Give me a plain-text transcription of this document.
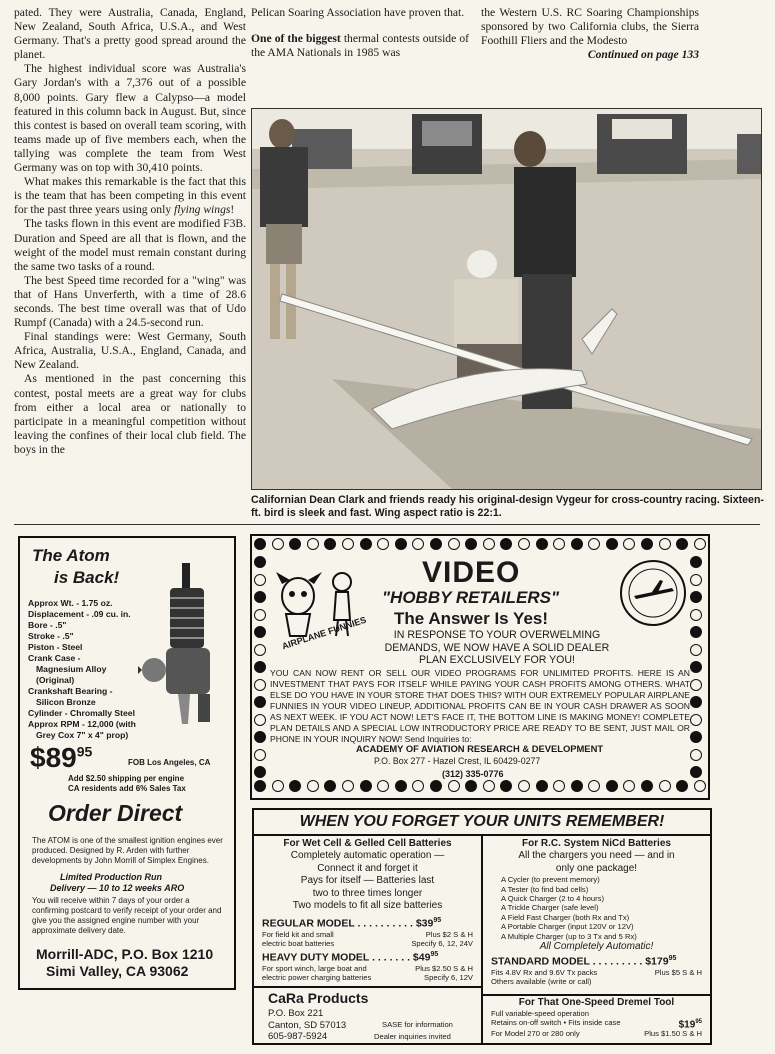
pated. They were Australia, Canada, England, New Zealand, South Africa, U.S.A., and West Germany. That's a pretty good spread around the planet.

The highest individual score was Australia's Gary Jordan's with a 7,376 out of a possible 8,000 points. Gary flew a Calypso—a model featured in this column back in August. But, since this contest is based on overall team scoring, with teams made up of five members each, when the tallying was complete the team from West Germany was on top with 30,410 points.

What makes this remarkable is the fact that this is the team that has been competing in this event for the past three years using only flying wings!

The tasks flown in this event are modified F3B. Duration and Speed are all that is flown, and the weight of the model must remain constant during the same two tasks of a round.

The best Speed time recorded for a "wing" was that of Hans Unverferth, with a time of 28.6 seconds. The best time overall was that of Udo Rumpf (Canada) with a 24.5-second run.

Final standings were: West Germany, South Africa, Australia, U.S.A., England, Canada, and New Zealand.

As mentioned in the past concerning this contest, postal meets are a great way for clubs from either a local area or nationally to participate in a meaningful competition without leaving the confines of their local club field. The boys in the

Pelican Soaring Association have proven that.

One of the biggest thermal contests outside of the AMA Nationals in 1985 was

the Western U.S. RC Soaring Championships sponsored by two California clubs, the Sierra Foothill Fliers and the Modesto

Continued on page 133
Californian Dean Clark and friends ready his original-design Vygeur for cross-country racing. Sixteen-ft. bird is sleek and fast. Wing aspect ratio is 22:1.
The Atom
is Back!
Approx Wt. - 1.75 oz.
Displacement - .09 cu. in.
Bore - .5"
Stroke - .5"
Piston - Steel
Crank Case -
Magnesium Alloy
(Original)
Crankshaft Bearing -
Silicon Bronze
Cylinder - Chromally Steel
Approx RPM - 12,000 (with
Grey Cox 7" x 4" prop)
$\$89^{95}$
FOB Los Angeles, CA
Add $2.50 shipping per engine
CA residents add 6% Sales Tax
Order Direct
The ATOM is one of the smallest ignition engines ever produced. Designed by R. Arden with further developments by John Morrill of Simplex Engines.
Limited Production Run
Delivery — 10 to 12 weeks ARO
You will receive within 7 days of your order a confirming postcard to verify receipt of your order and give you the assigned engine number with your approximate delivery date.
Morrill-ADC, P.O. Box 1210
Simi Valley, CA 93062
AIRPLANE FUNNIES
VIDEO
"HOBBY RETAILERS"
The Answer Is Yes!
IN RESPONSE TO YOUR OVERWELMING DEMANDS, WE NOW HAVE A SOLID DEALER PLAN EXCLUSIVELY FOR YOU!
YOU CAN NOW RENT OR SELL OUR VIDEO PROGRAMS FOR UNLIMITED PROFITS. HERE IS AN INVESTMENT THAT PAYS FOR ITSELF WHILE PAYING YOUR CASH PROFITS AMONG OTHERS. WHAT ELSE DO YOU HAVE IN YOUR STORE THAT DOES THIS? WITH OUR EXTREMELY POPULAR AIRPLANE FUNNIES IN YOUR VIDEO LINEUP, ADDITIONAL PROFITS CAN BE IN YOUR CASH DRAWER AS SOON AS NEXT WEEK. IF YOU ACT NOW! LET'S FACE IT, THE BOTTOM LINE IS MAKING MONEY! COMPLETE PLAN DETAILS AND A SPECIAL LOW INTRODUCTORY PRICE ARE READY TO BE SENT, JUST MAIL OR PHONE IN YOUR INQUIRY NOW! Send Inquiries to:
ACADEMY OF AVIATION RESEARCH & DEVELOPMENT
P.O. Box 277 - Hazel Crest, IL 60429-0277
(312) 335-0776
WHEN YOU FORGET YOUR UNITS REMEMBER!
For Wet Cell & Gelled Cell Batteries
Completely automatic operation —
Connect it and forget it
Pays for itself — Batteries last
two to three times longer
Two models to fit all size batteries
REGULAR MODEL . . . . . . . . . . $\$39^{95}$
For field kit and small	Plus $2 S & H
electric boat batteries	Specify 6, 12, 24V
HEAVY DUTY MODEL . . . . . . . $\$49^{95}$
For sport winch, large boat and	Plus $2.50 S & H
electric power charging batteries	Specify 6, 12V
CaRa Products
P.O. Box 221
Canton, SD 57013
605-987-5924
SASE for information
Dealer inquiries invited
For R.C. System NiCd Batteries
All the chargers you need — and in
only one package!
A Cycler (to prevent memory)
A Tester (to find bad cells)
A Quick Charger (2 to 4 hours)
A Trickle Charger (safe level)
A Field Fast Charger (both Rx and Tx)
A Portable Charger (input 120V or 12V)
A Multiple Charger (up to 3 Tx and 5 Rx)
All Completely Automatic!
STANDARD MODEL . . . . . . . . . $\$179^{95}$
Fits 4.8V Rx and 9.6V Tx packs	Plus $5 S & H
Others available (write or call)
For That One-Speed Dremel Tool
Full variable-speed operation
Retains on-off switch • Fits inside case	$\$19^{95}$
For Model 270 or 280 only	Plus $1.50 S & H
